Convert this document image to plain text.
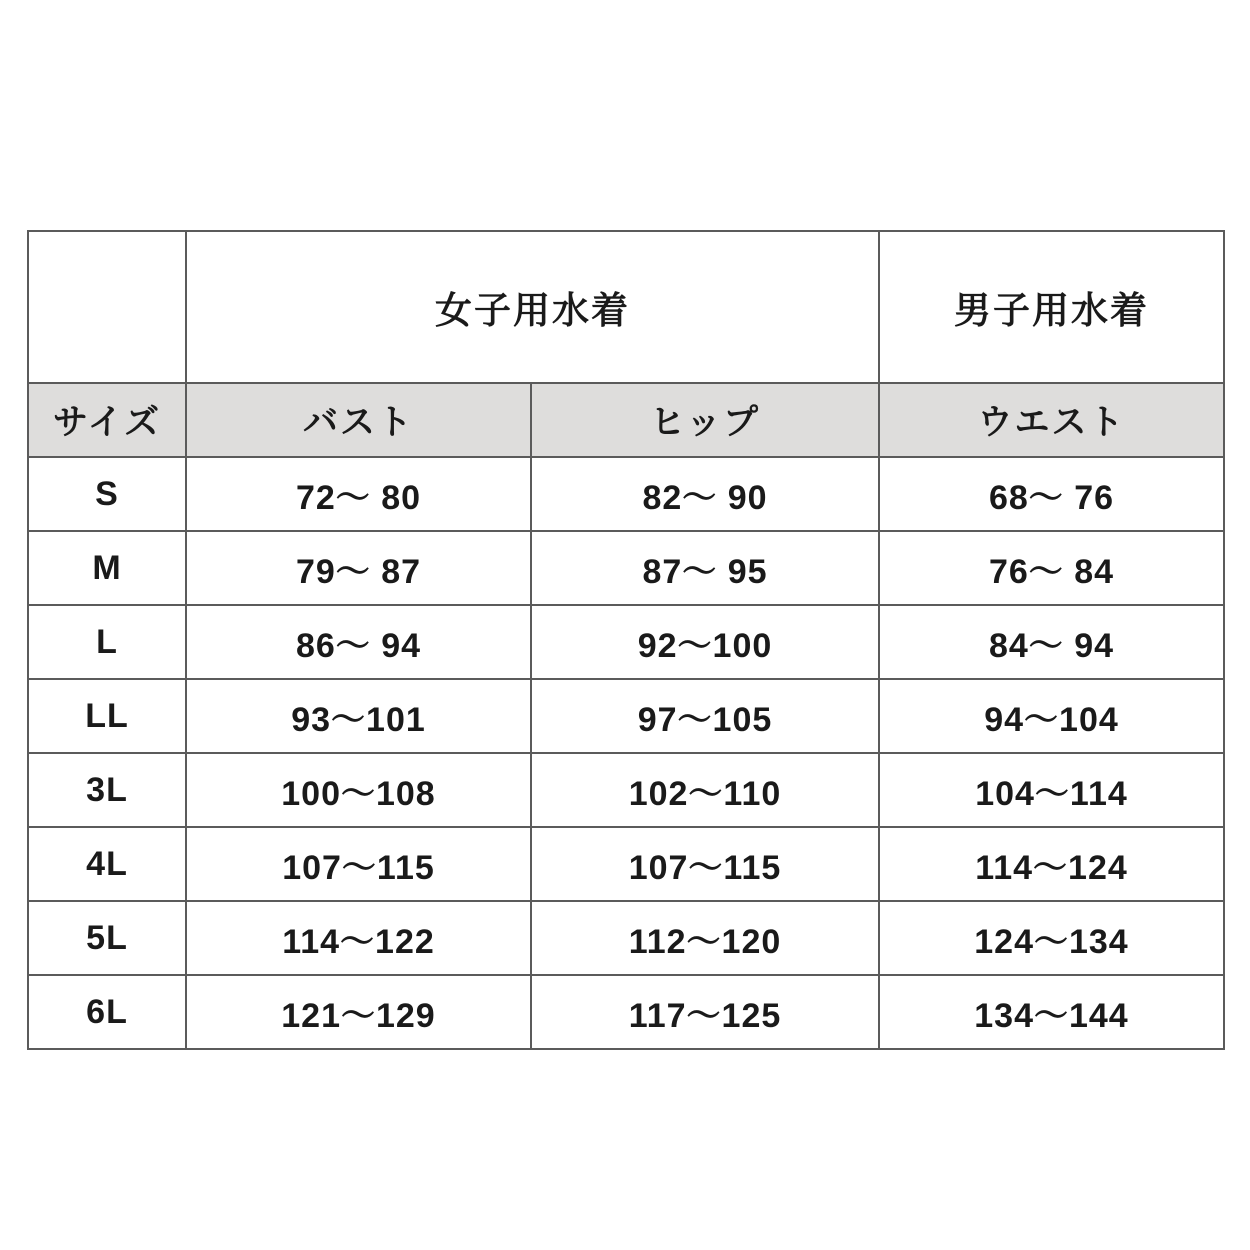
	女子用水着		男子用水着
サイズ	バスト	ヒップ	ウエスト
S	72〜 80	82〜 90	68〜 76
M	79〜 87	87〜 95	76〜 84
L	86〜 94	92〜100	84〜 94
LL	93〜101	97〜105	94〜104
3L	100〜108	102〜110	104〜114
4L	107〜115	107〜115	114〜124
5L	114〜122	112〜120	124〜134
6L	121〜129	117〜125	134〜144
